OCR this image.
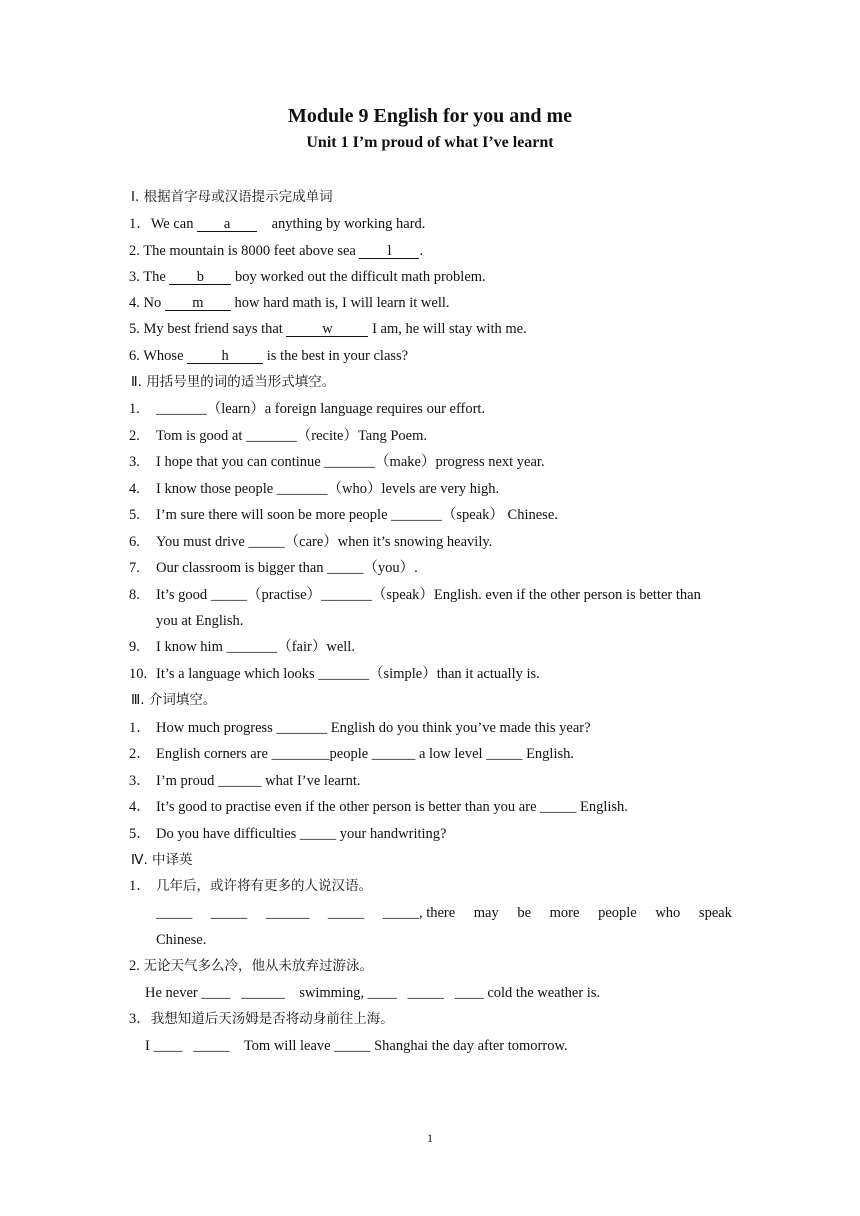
Module 9 English for you and me
Unit 1 I’m proud of what I’ve learnt
Ⅰ. 根据首字母或汉语提示完成单词
1．We can a	anything by working hard.
2. The mountain is 8000 feet above sea l .
3. The b boy worked out the difficult math problem.
4. No m how hard math is, I will learn it well.
5. My best friend says that	w	I am, he will stay with me.
6. Whose	h	is the best in your class?
Ⅱ. 用括号里的词的适当形式填空。
1. _______（learn）a foreign language requires our effort.
2. Tom is good at _______（recite）Tang Poem.
3. I hope that you can continue _______（make）progress next year.
4. I know those people _______（who）levels are very high.
5. I’m sure there will soon be more people _______（speak） Chinese.
6. You must drive _____（care）when it’s snowing heavily.
7. Our classroom is bigger than _____（you）.
8. It’s good _____（practise）_______（speak）English. even if the other person is better than
you at English.
9. I know him _______（fair）well.
10. It’s a language which looks _______（simple）than it actually is.
Ⅲ. 介词填空。
1． How much progress _______ English do you think you’ve made this year?
2． English corners are ________people ______ a low level _____ English.
3． I’m proud ______ what I’ve learnt.
4． It’s good to practise even if the other person is better than you are _____ English.
5． Do you have difficulties _____ your handwriting?
Ⅳ. 中译英
1． 几年后，或许将有更多的人说汉语。
_____ _____ ______ _____ _____, there may be more people who speak
Chinese.
2. 无论天气多么冷，他从未放弃过游泳。
He never ____   ______    swimming, ____   _____   ____ cold the weather is.
3．我想知道后天汤姆是否将动身前往上海。
I ____   _____    Tom will leave _____ Shanghai the day after tomorrow.
1
